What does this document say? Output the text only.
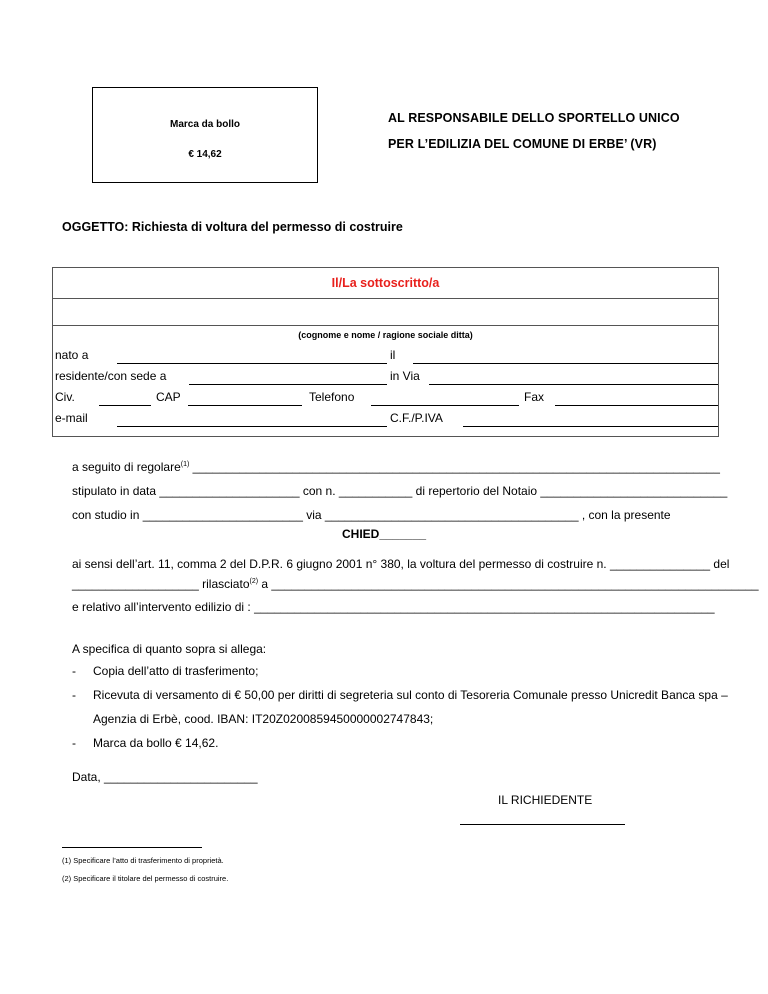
Marca da bollo
€ 14,62
AL RESPONSABILE DELLO SPORTELLO UNICO
PER L’EDILIZIA DEL COMUNE DI ERBE’ (VR)
OGGETTO: Richiesta di voltura del permesso di costruire
Il/La sottoscritto/a
(cognome e nome / ragione sociale ditta)
nato a	il
residente/con sede a	in Via
Civ.	CAP	Telefono	Fax
e-mail	C.F./P.IVA
a seguito di regolare$^{(1)}$ _______________________________________________________________________________
stipulato in data _____________________ con n. ___________ di repertorio del Notaio ____________________________
con studio in ________________________ via ______________________________________ , con la presente
CHIED_______
ai sensi dell’art. 11, comma 2 del D.P.R. 6 giugno 2001 n° 380, la voltura del permesso di costruire n. _______________ del
___________________ rilasciato$^{(2)}$ a _________________________________________________________________________
e relativo all’intervento edilizio di : _____________________________________________________________________
A specifica di quanto sopra si allega:
- Copia dell’atto di trasferimento;
- Ricevuta di versamento di € 50,00 per diritti di segreteria sul conto di Tesoreria Comunale presso Unicredit Banca spa –
Agenzia di Erbè, cood. IBAN: IT20Z0200859450000002747843;
- Marca da bollo € 14,62.
Data, _______________________
IL RICHIEDENTE
(1) Specificare l’atto di trasferimento di proprietà.
(2) Specificare il titolare del permesso di costruire.
